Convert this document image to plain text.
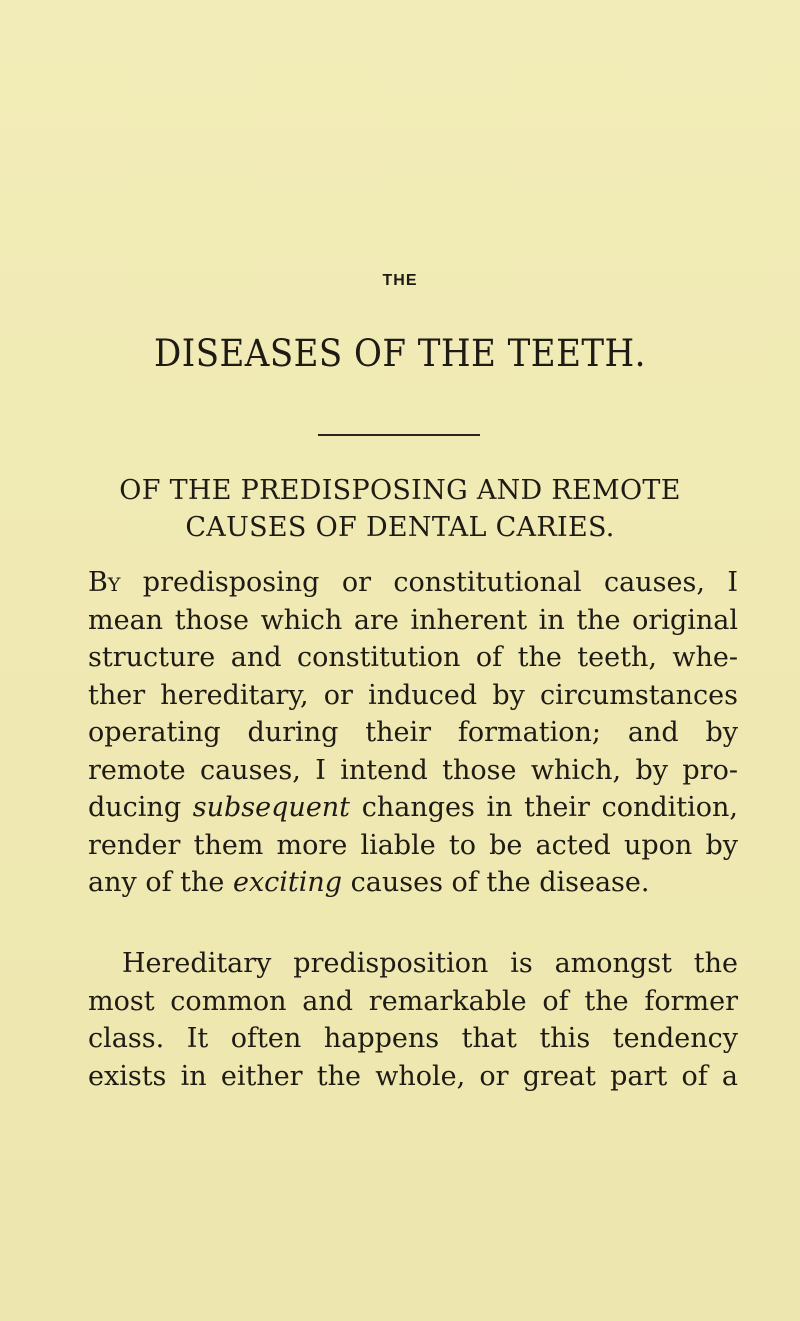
THE
DISEASES OF THE TEETH.
OF THE PREDISPOSING AND REMOTE
CAUSES OF DENTAL CARIES.
By predisposing or constitutional causes, I
mean those which are inherent in the original
structure and constitution of the teeth, whe-
ther hereditary, or induced by circumstances
operating during their formation; and by
remote causes, I intend those which, by pro-
ducing subsequent changes in their condition,
render them more liable to be acted upon by
any of the exciting causes of the disease.
Hereditary predisposition is amongst the
most common and remarkable of the former
class. It often happens that this tendency
exists in either the whole, or great part of a
